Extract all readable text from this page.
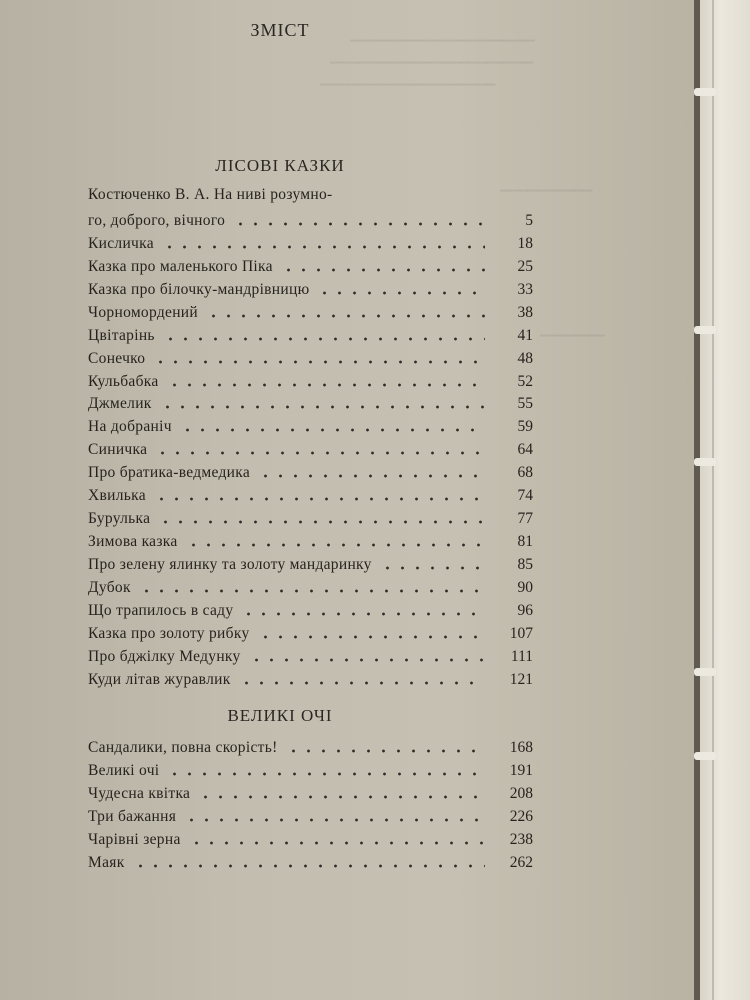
▔▔▔▔▔▔▔▔▔▔▔▔▔▔▔▔▔▔▔▔
▔▔▔▔▔▔▔▔▔▔▔▔▔▔▔▔▔▔▔▔▔▔
▔▔▔▔▔▔▔▔▔▔▔▔▔▔▔▔▔▔▔
▔▔▔▔▔▔▔▔▔▔
▔▔▔▔▔▔▔
ЗМІСТ
ЛІСОВІ КАЗКИ
Костюченко В. А. На ниві розумно-
го, доброго, вічного	5
Кисличка	18
Казка про маленького Піка	25
Казка про білочку-мандрівницю	33
Чорномордений	38
Цвітарінь	41
Сонечко	48
Кульбабка	52
Джмелик	55
На добраніч	59
Синичка	64
Про братика-ведмедика	68
Хвилька	74
Бурулька	77
Зимова казка	81
Про зелену ялинку та золоту мандаринку	85
Дубок	90
Що трапилось в саду	96
Казка про золоту рибку	107
Про бджілку Медунку	111
Куди літав журавлик	121
ВЕЛИКІ ОЧІ
Сандалики, повна скорість!	168
Великі очі	191
Чудесна квітка	208
Три бажання	226
Чарівні зерна	238
Маяк	262
